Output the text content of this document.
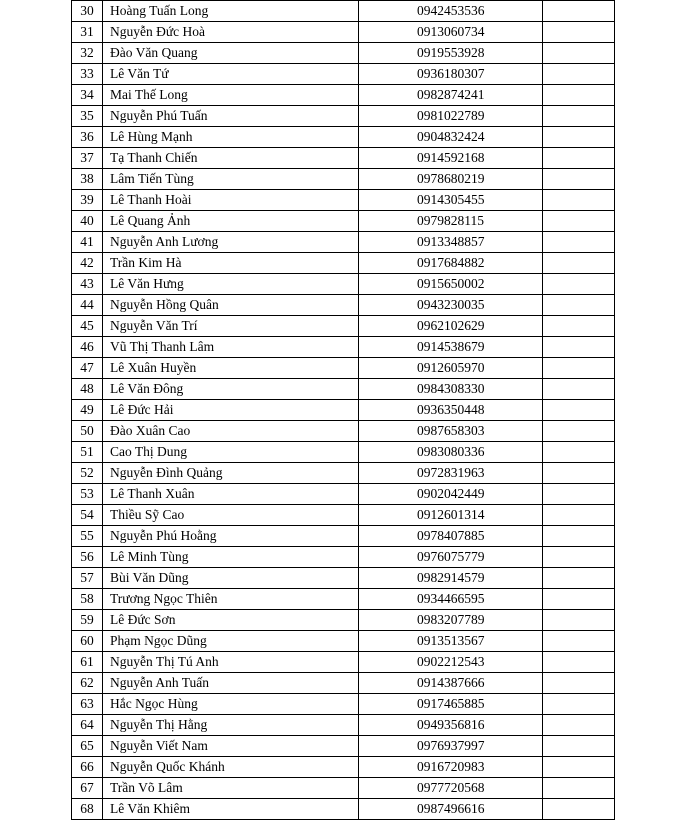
30	Hoàng Tuấn Long	0942453536	
31	Nguyễn Đức Hoà	0913060734	
32	Đào Văn Quang	0919553928	
33	Lê Văn Tứ	0936180307	
34	Mai Thế Long	0982874241	
35	Nguyễn Phú Tuấn	0981022789	
36	Lê Hùng Mạnh	0904832424	
37	Tạ Thanh Chiến	0914592168	
38	Lâm Tiến Tùng	0978680219	
39	Lê Thanh Hoài	0914305455	
40	Lê Quang Ảnh	0979828115	
41	Nguyễn Anh Lương	0913348857	
42	Trần Kim Hà	0917684882	
43	Lê Văn Hưng	0915650002	
44	Nguyễn Hồng Quân	0943230035	
45	Nguyễn Văn Trí	0962102629	
46	Vũ Thị Thanh Lâm	0914538679	
47	Lê Xuân Huyền	0912605970	
48	Lê Văn Đông	0984308330	
49	Lê Đức Hải	0936350448	
50	Đào Xuân Cao	0987658303	
51	Cao Thị Dung	0983080336	
52	Nguyễn Đình Quảng	0972831963	
53	Lê Thanh Xuân	0902042449	
54	Thiều Sỹ Cao	0912601314	
55	Nguyễn Phú Hoằng	0978407885	
56	Lê Minh Tùng	0976075779	
57	Bùi Văn Dũng	0982914579	
58	Trương Ngọc Thiên	0934466595	
59	Lê Đức Sơn	0983207789	
60	Phạm Ngọc Dũng	0913513567	
61	Nguyễn Thị Tú Anh	0902212543	
62	Nguyễn Anh Tuấn	0914387666	
63	Hắc Ngọc Hùng	0917465885	
64	Nguyễn Thị Hằng	0949356816	
65	Nguyễn Viết Nam	0976937997	
66	Nguyễn Quốc Khánh	0916720983	
67	Trần Võ Lâm	0977720568	
68	Lê Văn Khiêm	0987496616	
